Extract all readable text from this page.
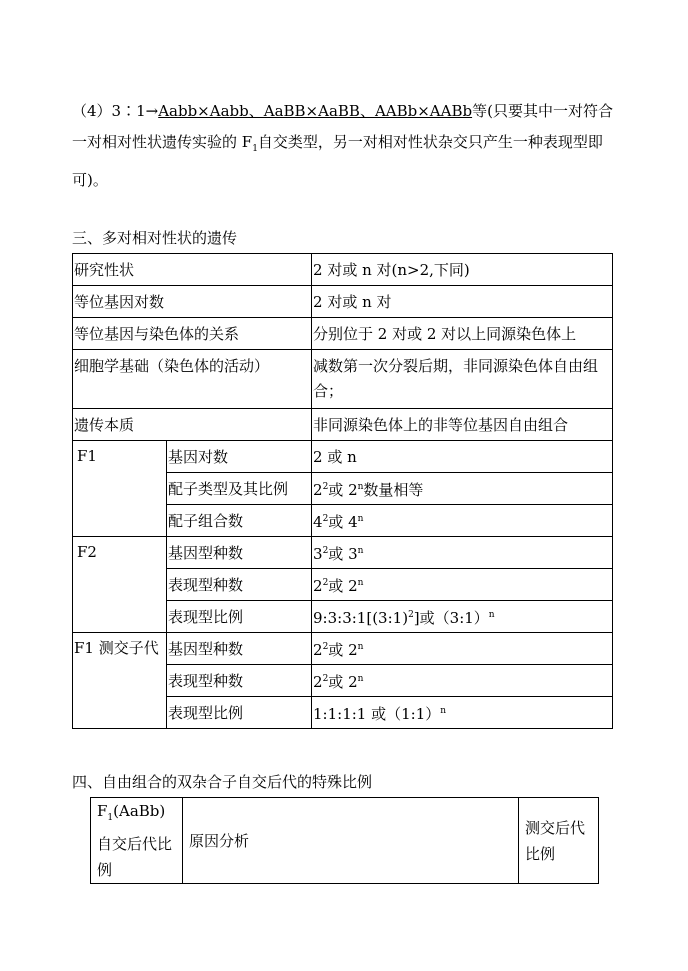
（4）3∶1→Aabb×Aabb、AaBB×AaBB、AABb×AABb等(只要其中一对符合一对相对性状遗传实验的 $F_1$自交类型，另一对相对性状杂交只产生一种表现型即可)。

三、多对相对性状的遗传

研究性状		2 对或 n 对(n>2,下同)
等位基因对数		2 对或 n 对
等位基因与染色体的关系		分别位于 2 对或 2 对以上同源染色体上
细胞学基础（染色体的活动）		减数第一次分裂后期，非同源染色体自由组合；
遗传本质		非同源染色体上的非等位基因自由组合
F1	基因对数	2 或 n
	配子类型及其比例	$2^2$或 2$^n$数量相等
	配子组合数	$4^2$或 4$^n$
F2	基因型种数	$3^2$或 3$^n$
	表现型种数	$2^2$或 2$^n$
	表现型比例	9:3:3:1[(3:1)$^2$]或（3:1）$^n$
F1 测交子代	基因型种数	$2^2$或 2$^n$
	表现型种数	$2^2$或 2$^n$
	表现型比例	1:1:1:1 或（1:1）$^n$

四、自由组合的双杂合子自交后代的特殊比例

$F_1(AaBb)$自交后代比例	原因分析	测交后代比例
